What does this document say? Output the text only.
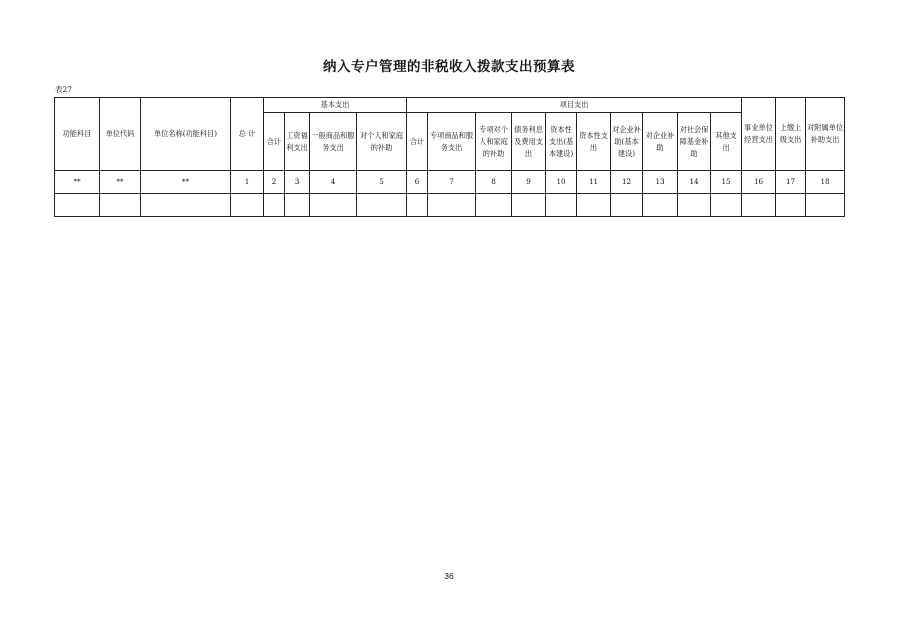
纳入专户管理的非税收入拨款支出预算表
表27
功能科目	单位代码	单位名称(功能科目)	总 计	基本支出				项目支出										事业单位经营支出	上缴上级支出	对附属单位补助支出
				合计	工资福利支出	一般商品和服务支出	对个人和家庭的补助	合计	专项商品和服务支出	专项对个人和家庭的补助	债务利息及费用支出	资本性支出(基本建设)	资本性支出	对企业补助(基本建设)	对企业补助	对社会保障基金补助	其他支出			
**	**	**	1	2	3	4	5	6	7	8	9	10	11	12	13	14	15	16	17	18

36
